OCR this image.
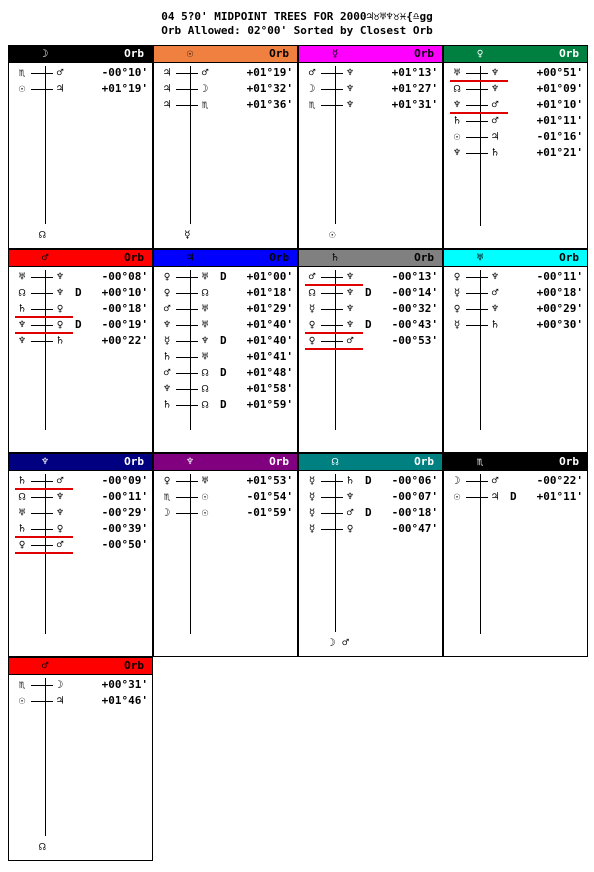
04 5?0' MIDPOINT TREES FOR 2000♃♉♅♆♉♓{♎gg
Orb Allowed: 02°00' Sorted by Closest Orb
☽	Orb
♏	♂	-00°10'
☉	♃	+01°19'
☊
☉	Orb
♃	♂	+01°19'
♃	☽	+01°32'
♃	♏	+01°36'
☿
☿	Orb
♂	♆	+01°13'
☽	♆	+01°27'
♏	♆	+01°31'
☉
♀	Orb
♅	♆	+00°51'
☊	♆	+01°09'
♆	♂	+01°10'
♄	♂	+01°11'
☉	♃	-01°16'
♆	♄	+01°21'
♂	Orb
♅	♆	-00°08'
☊	♆	D +00°10'
♄	♀	-00°18'
♆	♀	D -00°19'
♆	♄	+00°22'
♃	Orb
♀	♅	D +01°00'
♀	☊	+01°18'
♂	♅	+01°29'
♆	♅	+01°40'
☿	♆	D +01°40'
♄	♅	+01°41'
♂	☊	D +01°48'
♆	☊	+01°58'
♄	☊	D +01°59'
♄	Orb
♂	♆	-00°13'
☊	♆	D -00°14'
☿	♆	-00°32'
♀	♆	D -00°43'
♀	♂	-00°53'
♅	Orb
♀	♆	-00°11'
☿	♂	+00°18'
♀	♆	+00°29'
☿	♄	+00°30'
♆	Orb
♄	♂	-00°09'
☊	♆	-00°11'
♅	♆	-00°29'
♄	♀	-00°39'
♀	♂	-00°50'
♆	Orb
♀	♅	+01°53'
♏	☉	-01°54'
☽	☉	-01°59'
☊	Orb
☿	♄	D -00°06'
☿	♆	-00°07'
☿	♂	D -00°18'
☿	♀	-00°47'
☽ ♂
♏	Orb
☽	♂	-00°22'
☉	♃	D +01°11'
♂	Orb
♏	☽	+00°31'
☉	♃	+01°46'
☊
